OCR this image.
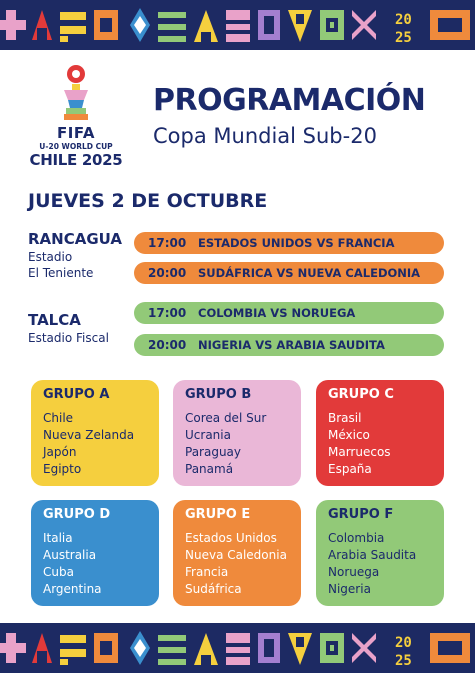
20
25
FIFA
U-20 WORLD CUP
CHILE 2025
PROGRAMACIÓN
Copa Mundial Sub-20
JUEVES 2 DE OCTUBRE
RANCAGUA
Estadio
El Teniente
17:00	ESTADOS UNIDOS VS FRANCIA
20:00	SUDÁFRICA VS NUEVA CALEDONIA
TALCA
Estadio Fiscal
17:00	COLOMBIA VS NORUEGA
20:00	NIGERIA VS ARABIA SAUDITA
GRUPO A
Chile
Nueva Zelanda
Japón
Egipto
GRUPO B
Corea del Sur
Ucrania
Paraguay
Panamá
GRUPO C
Brasil
México
Marruecos
España
GRUPO D
Italia
Australia
Cuba
Argentina
GRUPO E
Estados Unidos
Nueva Caledonia
Francia
Sudáfrica
GRUPO F
Colombia
Arabia Saudita
Noruega
Nigeria
20
25
